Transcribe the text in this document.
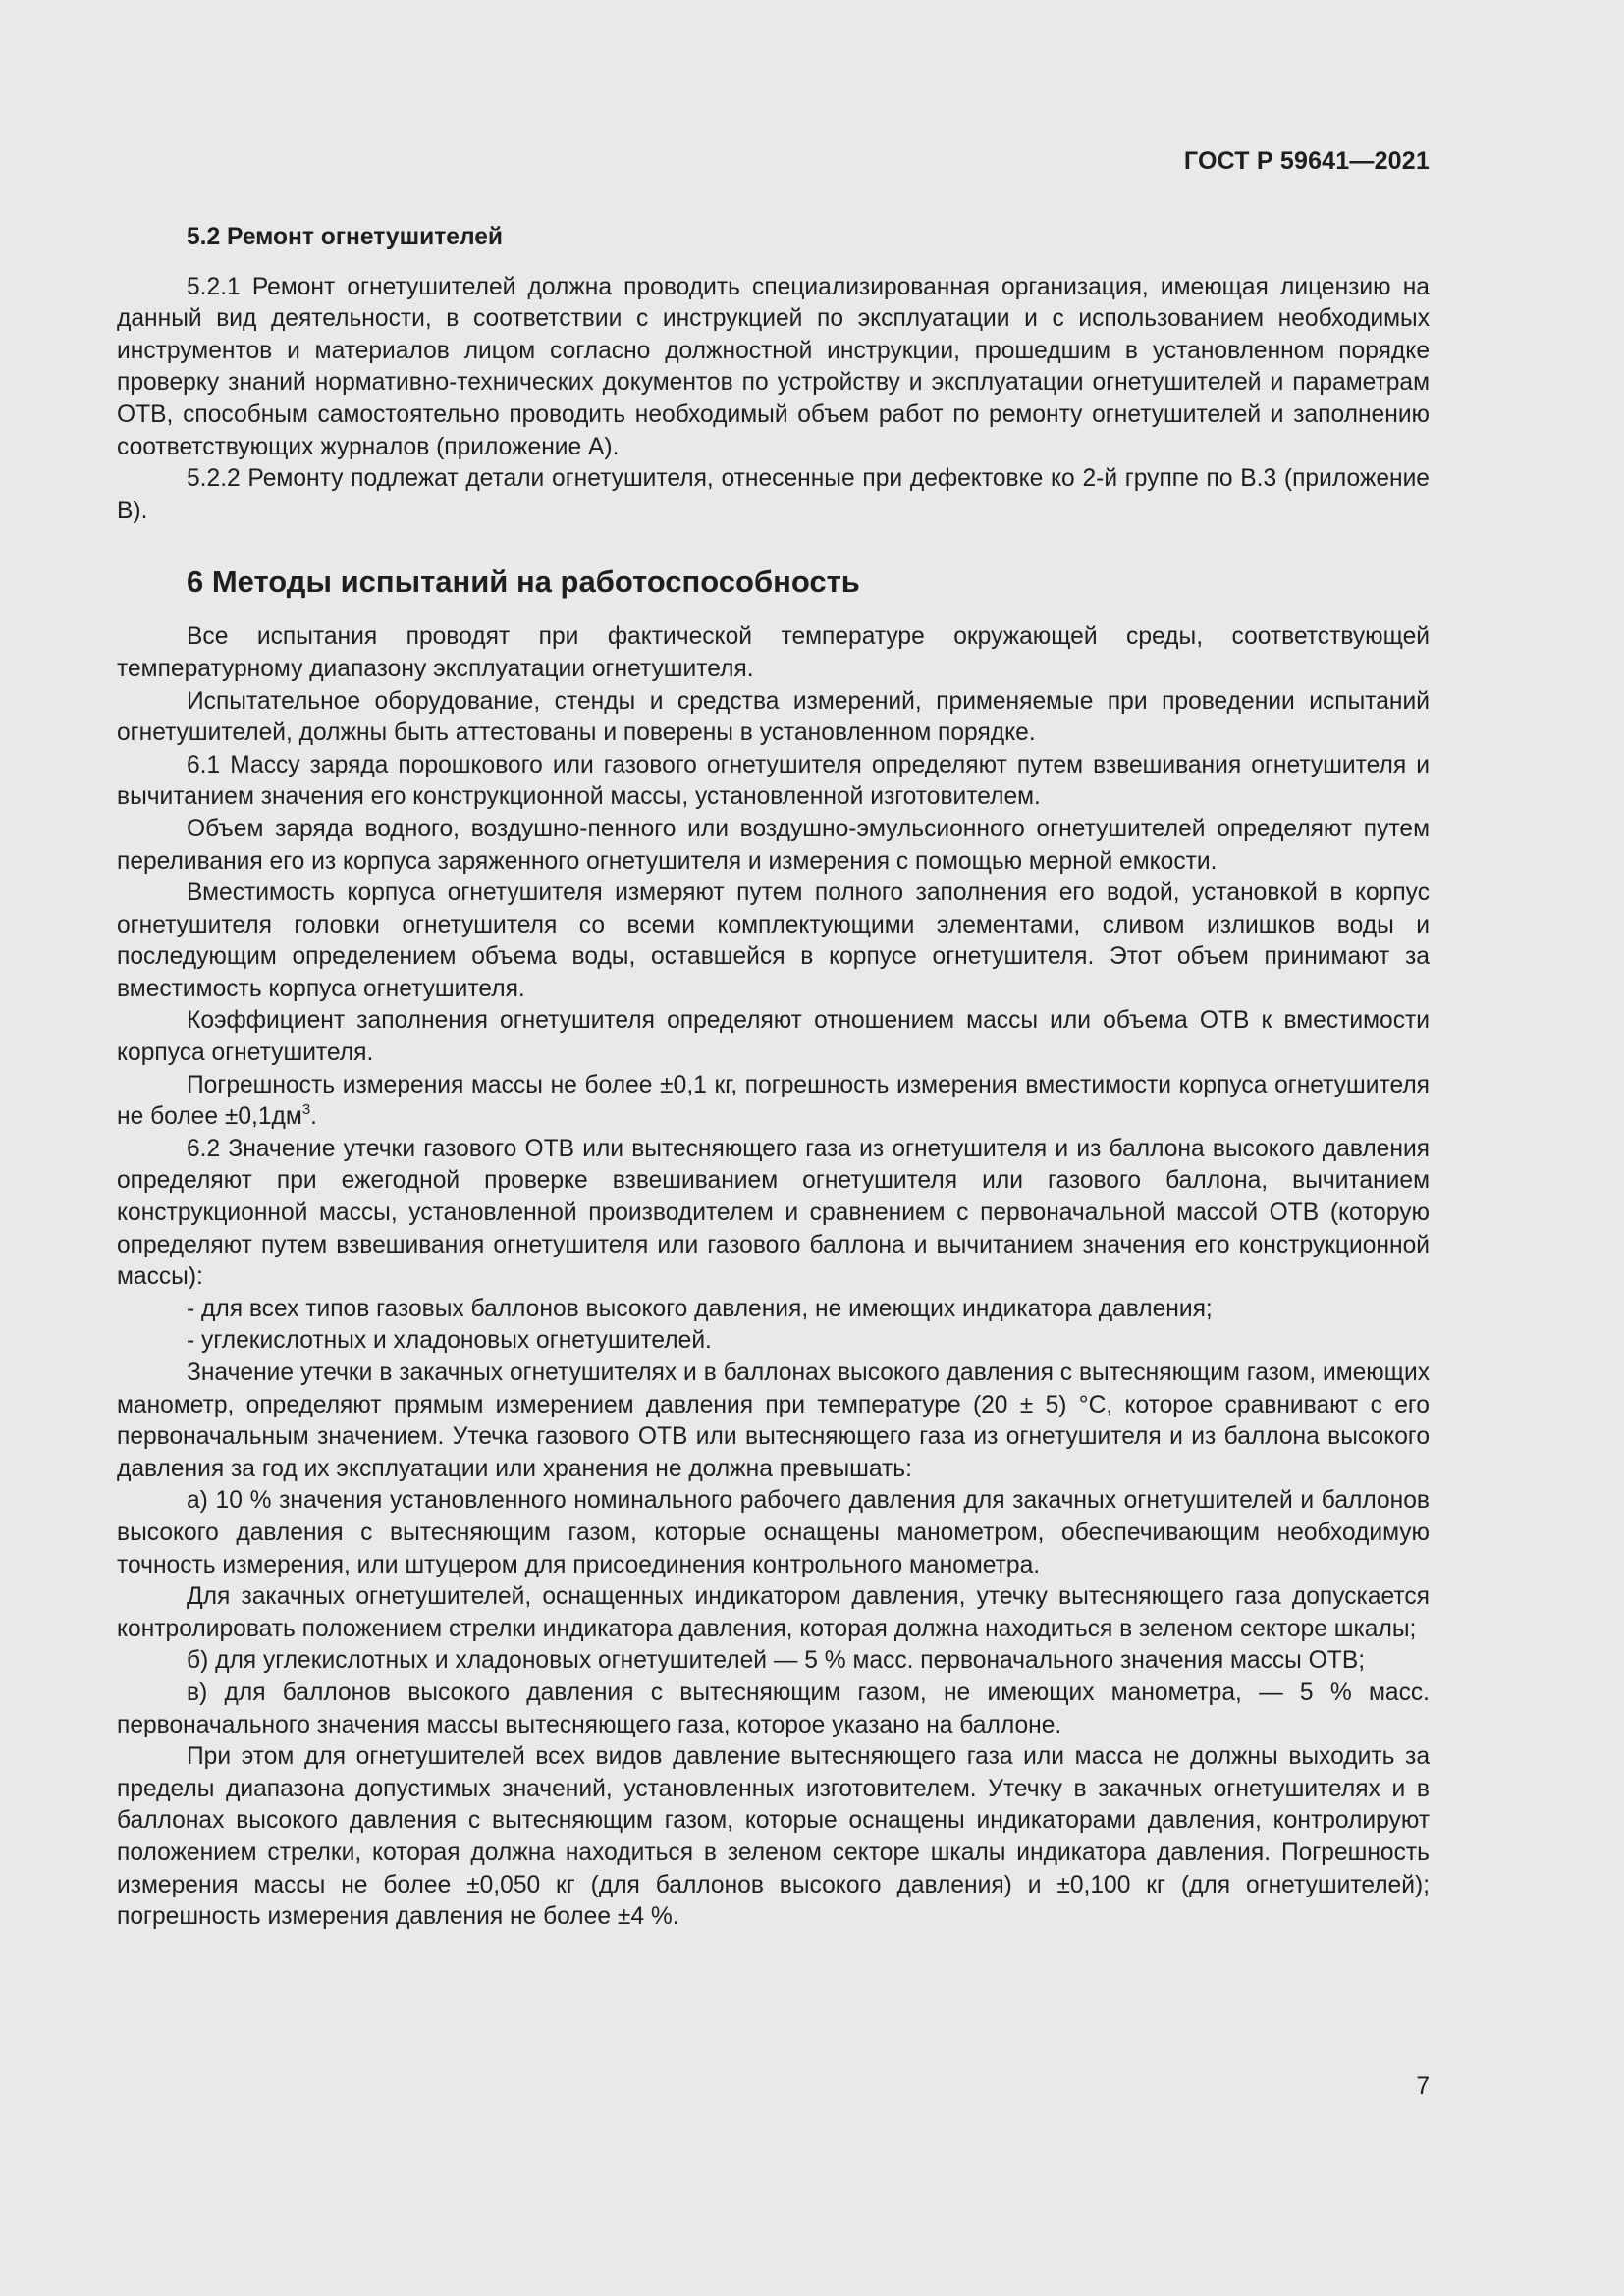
ГОСТ Р 59641—2021

5.2 Ремонт огнетушителей

5.2.1 Ремонт огнетушителей должна проводить специализированная организация, имеющая лицензию на данный вид деятельности, в соответствии с инструкцией по эксплуатации и с использованием необходимых инструментов и материалов лицом согласно должностной инструкции, прошедшим в установленном порядке проверку знаний нормативно-технических документов по устройству и эксплуатации огнетушителей и параметрам ОТВ, способным самостоятельно проводить необходимый объем работ по ремонту огнетушителей и заполнению соответствующих журналов (приложение А).

5.2.2 Ремонту подлежат детали огнетушителя, отнесенные при дефектовке ко 2-й группе по В.3 (приложение В).

6 Методы испытаний на работоспособность

Все испытания проводят при фактической температуре окружающей среды, соответствующей температурному диапазону эксплуатации огнетушителя.

Испытательное оборудование, стенды и средства измерений, применяемые при проведении испытаний огнетушителей, должны быть аттестованы и поверены в установленном порядке.

6.1 Массу заряда порошкового или газового огнетушителя определяют путем взвешивания огнетушителя и вычитанием значения его конструкционной массы, установленной изготовителем.

Объем заряда водного, воздушно-пенного или воздушно-эмульсионного огнетушителей определяют путем переливания его из корпуса заряженного огнетушителя и измерения с помощью мерной емкости.

Вместимость корпуса огнетушителя измеряют путем полного заполнения его водой, установкой в корпус огнетушителя головки огнетушителя со всеми комплектующими элементами, сливом излишков воды и последующим определением объема воды, оставшейся в корпусе огнетушителя. Этот объем принимают за вместимость корпуса огнетушителя.

Коэффициент заполнения огнетушителя определяют отношением массы или объема ОТВ к вместимости корпуса огнетушителя.

Погрешность измерения массы не более ±0,1 кг, погрешность измерения вместимости корпуса огнетушителя не более $\pm 0,1дм^3$.

6.2 Значение утечки газового ОТВ или вытесняющего газа из огнетушителя и из баллона высокого давления определяют при ежегодной проверке взвешиванием огнетушителя или газового баллона, вычитанием конструкционной массы, установленной производителем и сравнением с первоначальной массой ОТВ (которую определяют путем взвешивания огнетушителя или газового баллона и вычитанием значения его конструкционной массы):

- для всех типов газовых баллонов высокого давления, не имеющих индикатора давления;

- углекислотных и хладоновых огнетушителей.

Значение утечки в закачных огнетушителях и в баллонах высокого давления с вытесняющим газом, имеющих манометр, определяют прямым измерением давления при температуре (20 ± 5) °С, которое сравнивают с его первоначальным значением. Утечка газового ОТВ или вытесняющего газа из огнетушителя и из баллона высокого давления за год их эксплуатации или хранения не должна превышать:

а) 10 % значения установленного номинального рабочего давления для закачных огнетушителей и баллонов высокого давления с вытесняющим газом, которые оснащены манометром, обеспечивающим необходимую точность измерения, или штуцером для присоединения контрольного манометра.

Для закачных огнетушителей, оснащенных индикатором давления, утечку вытесняющего газа допускается контролировать положением стрелки индикатора давления, которая должна находиться в зеленом секторе шкалы;

б) для углекислотных и хладоновых огнетушителей — 5 % масс. первоначального значения массы ОТВ;

в) для баллонов высокого давления с вытесняющим газом, не имеющих манометра, — 5 % масс. первоначального значения массы вытесняющего газа, которое указано на баллоне.

При этом для огнетушителей всех видов давление вытесняющего газа или масса не должны выходить за пределы диапазона допустимых значений, установленных изготовителем. Утечку в закачных огнетушителях и в баллонах высокого давления с вытесняющим газом, которые оснащены индикаторами давления, контролируют положением стрелки, которая должна находиться в зеленом секторе шкалы индикатора давления. Погрешность измерения массы не более ±0,050 кг (для баллонов высокого давления) и ±0,100 кг (для огнетушителей); погрешность измерения давления не более ±4 %.

7
